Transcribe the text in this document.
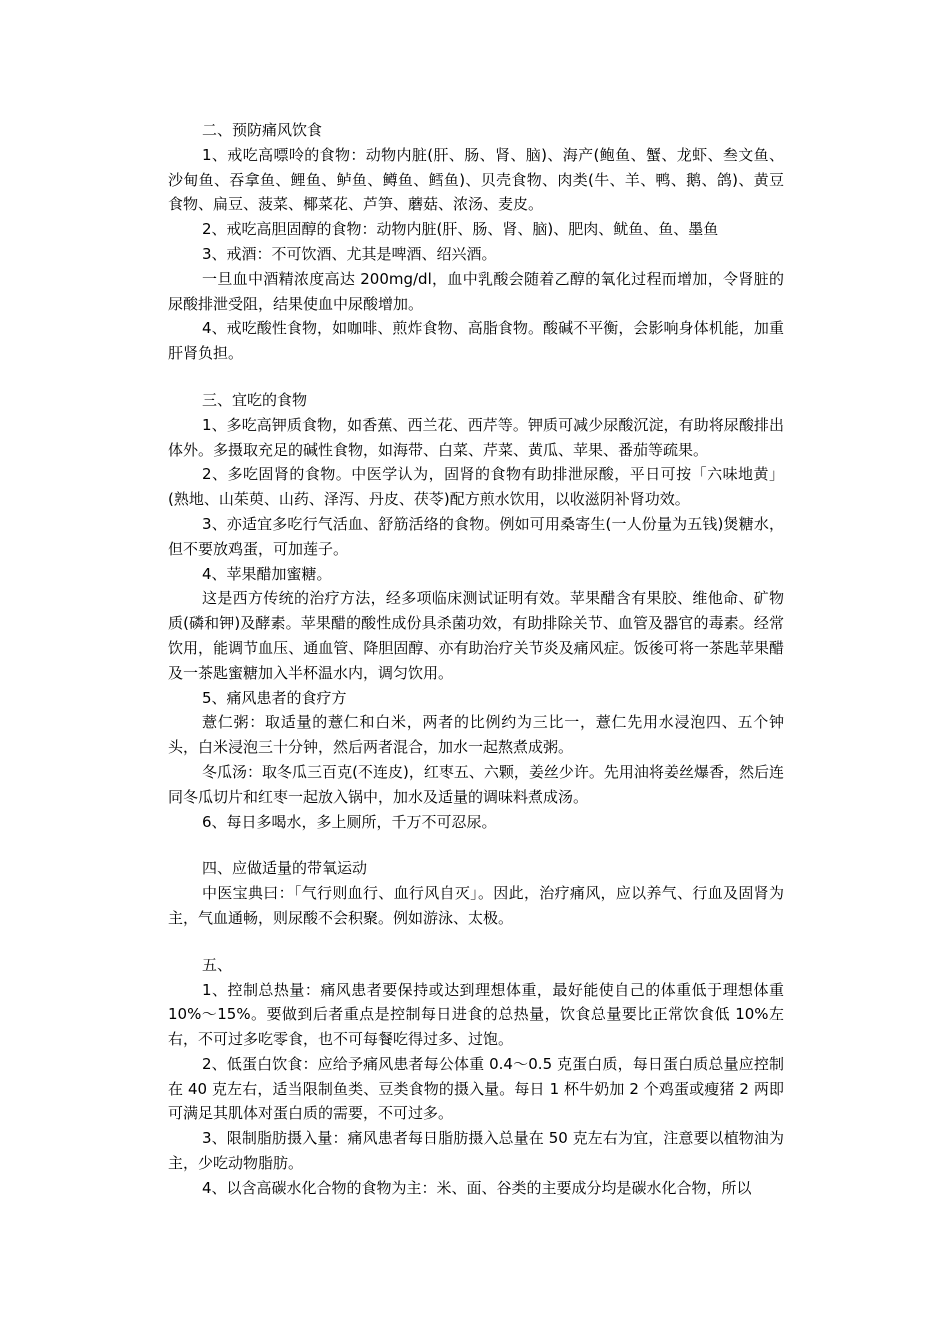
二、预防痛风饮食

1、戒吃高嘌呤的食物：动物内脏(肝、肠、肾、脑)、海产(鲍鱼、蟹、龙虾、叁文鱼、沙甸鱼、吞拿鱼、鲤鱼、鲈鱼、鳟鱼、鳕鱼)、贝壳食物、肉类(牛、羊、鸭、鹅、鸽)、黄豆食物、扁豆、菠菜、椰菜花、芦笋、蘑菇、浓汤、麦皮。

2、戒吃高胆固醇的食物：动物内脏(肝、肠、肾、脑)、肥肉、鱿鱼、鱼、墨鱼

3、戒酒：不可饮酒、尤其是啤酒、绍兴酒。

一旦血中酒精浓度高达 200mg/dl，血中乳酸会随着乙醇的氧化过程而增加，令肾脏的尿酸排泄受阻，结果使血中尿酸增加。

4、戒吃酸性食物，如咖啡、煎炸食物、高脂食物。酸碱不平衡，会影响身体机能，加重肝肾负担。

三、宜吃的食物

1、多吃高钾质食物，如香蕉、西兰花、西芹等。钾质可减少尿酸沉淀，有助将尿酸排出体外。多摄取充足的碱性食物，如海带、白菜、芹菜、黄瓜、苹果、番茄等疏果。

2、多吃固肾的食物。中医学认为，固肾的食物有助排泄尿酸，平日可按「六味地黄」(熟地、山茱萸、山药、泽泻、丹皮、茯苓)配方煎水饮用，以收滋阴补肾功效。

3、亦适宜多吃行气活血、舒筋活络的食物。例如可用桑寄生(一人份量为五钱)煲糖水，但不要放鸡蛋，可加莲子。

4、苹果醋加蜜糖。

这是西方传统的治疗方法，经多项临床测试证明有效。苹果醋含有果胶、维他命、矿物质(磷和钾)及酵素。苹果醋的酸性成份具杀菌功效，有助排除关节、血管及器官的毒素。经常饮用，能调节血压、通血管、降胆固醇、亦有助治疗关节炎及痛风症。饭後可将一茶匙苹果醋及一茶匙蜜糖加入半杯温水内，调匀饮用。

5、痛风患者的食疗方

薏仁粥：取适量的薏仁和白米，两者的比例约为三比一，薏仁先用水浸泡四、五个钟头，白米浸泡三十分钟，然后两者混合，加水一起熬煮成粥。

冬瓜汤：取冬瓜三百克(不连皮)，红枣五、六颗，姜丝少许。先用油将姜丝爆香，然后连同冬瓜切片和红枣一起放入锅中，加水及适量的调味料煮成汤。

6、每日多喝水，多上厕所，千万不可忍尿。

四、应做适量的带氧运动

中医宝典曰：「气行则血行、血行风自灭」。因此，治疗痛风，应以养气、行血及固肾为主，气血通畅，则尿酸不会积聚。例如游泳、太极。

五、

1、控制总热量：痛风患者要保持或达到理想体重，最好能使自己的体重低于理想体重 10%～15%。要做到后者重点是控制每日进食的总热量，饮食总量要比正常饮食低 10%左右，不可过多吃零食，也不可每餐吃得过多、过饱。

2、低蛋白饮食：应给予痛风患者每公体重 0.4～0.5 克蛋白质，每日蛋白质总量应控制在 40 克左右，适当限制鱼类、豆类食物的摄入量。每日 1 杯牛奶加 2 个鸡蛋或瘦猪 2 两即可满足其肌体对蛋白质的需要，不可过多。

3、限制脂肪摄入量：痛风患者每日脂肪摄入总量在 50 克左右为宜，注意要以植物油为主，少吃动物脂肪。

4、以含高碳水化合物的食物为主：米、面、谷类的主要成分均是碳水化合物，所以
